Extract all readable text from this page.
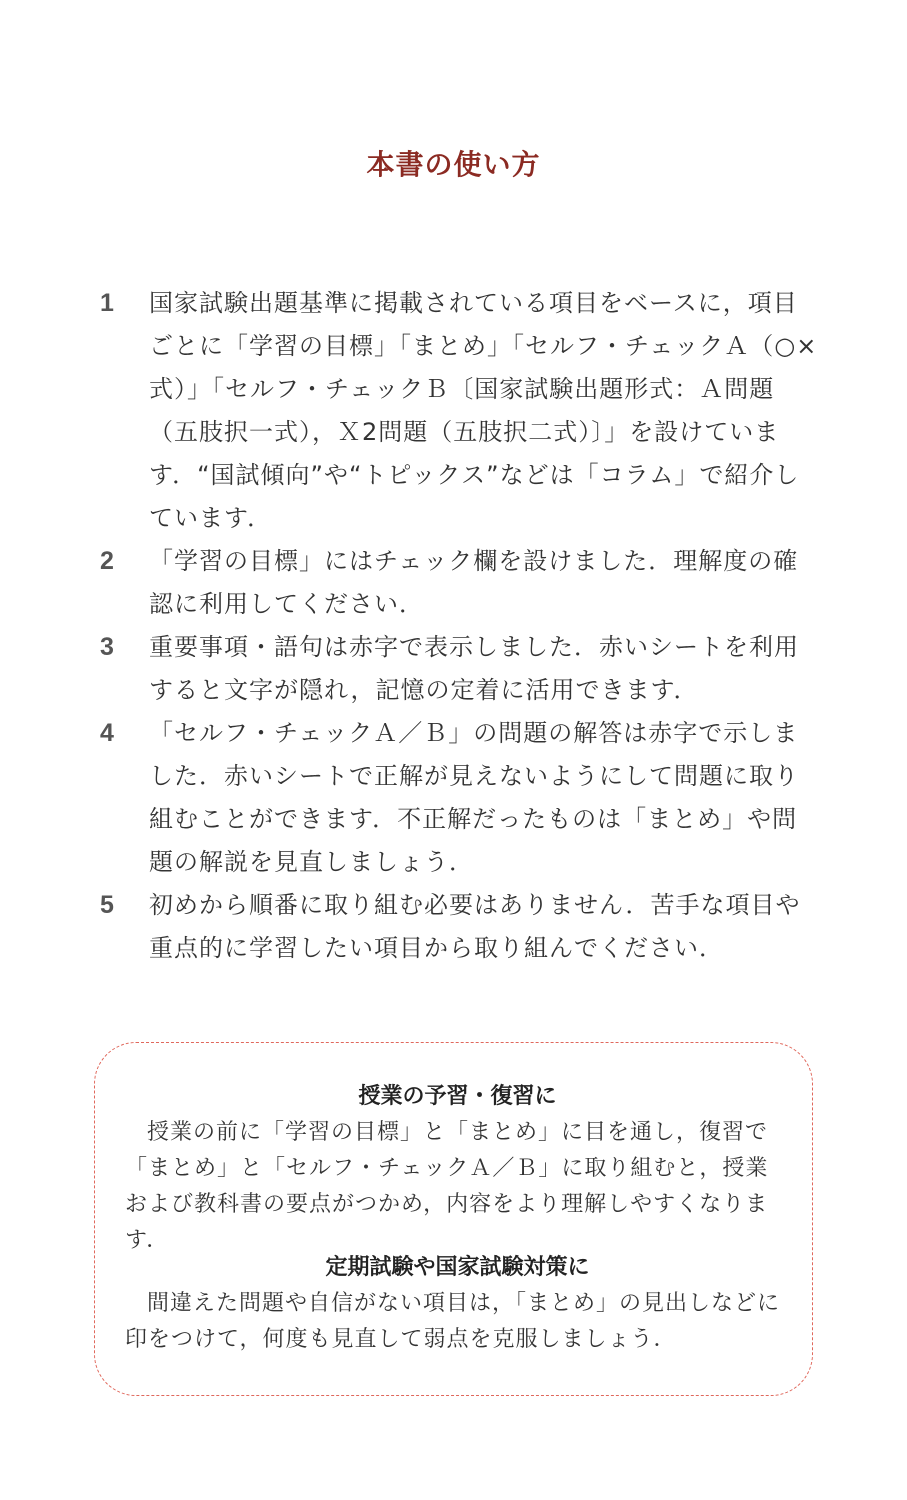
本書の使い方
1 国家試験出題基準に掲載されている項目をベースに，項目ごとに「学習の目標」「まとめ」「セルフ・チェックＡ（○×式）」「セルフ・チェックＢ〔国家試験出題形式：Ａ問題（五肢択一式），Ｘ2問題（五肢択二式）〕」を設けています．“国試傾向”や“トピックス”などは「コラム」で紹介しています．
2 「学習の目標」にはチェック欄を設けました．理解度の確認に利用してください．
3 重要事項・語句は赤字で表示しました．赤いシートを利用すると文字が隠れ，記憶の定着に活用できます．
4 「セルフ・チェックＡ／Ｂ」の問題の解答は赤字で示しました．赤いシートで正解が見えないようにして問題に取り組むことができます．不正解だったものは「まとめ」や問題の解説を見直しましょう．
5 初めから順番に取り組む必要はありません．苦手な項目や重点的に学習したい項目から取り組んでください．
授業の予習・復習に
授業の前に「学習の目標」と「まとめ」に目を通し，復習で「まとめ」と「セルフ・チェックＡ／Ｂ」に取り組むと，授業および教科書の要点がつかめ，内容をより理解しやすくなります．
定期試験や国家試験対策に
間違えた問題や自信がない項目は，「まとめ」の見出しなどに印をつけて，何度も見直して弱点を克服しましょう．
